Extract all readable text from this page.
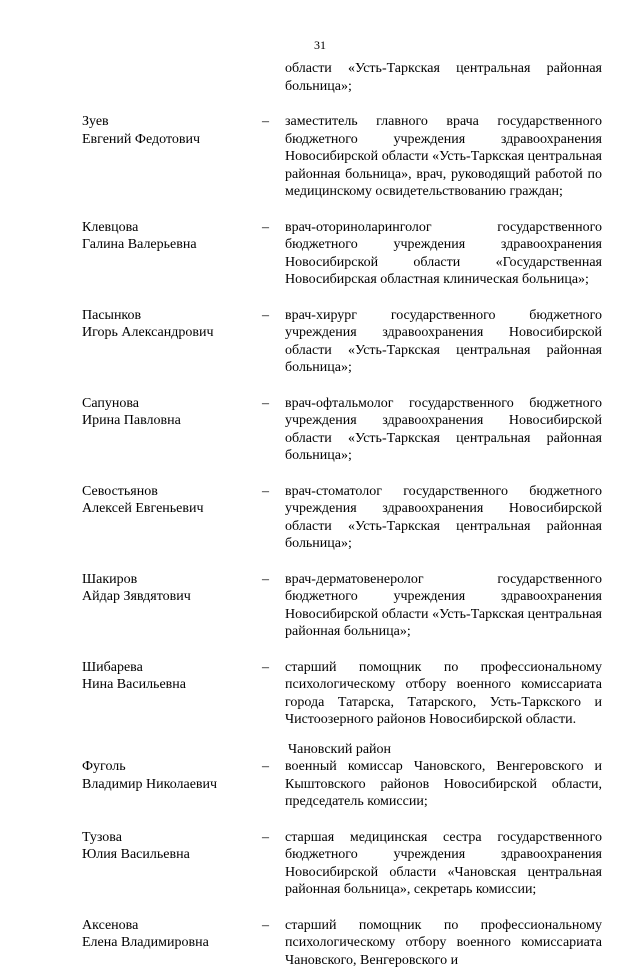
31
области «Усть-Таркская центральная районная больница»;
Зуев
Евгений Федотович
– заместитель главного врача государственного бюджетного учреждения здравоохранения Новосибирской области «Усть-Таркская центральная районная больница», врач, руководящий работой по медицинскому освидетельствованию граждан;
Клевцова
Галина Валерьевна
– врач-оториноларинголог государственного бюджетного учреждения здравоохранения Новосибирской области «Государственная Новосибирская областная клиническая больница»;
Пасынков
Игорь Александрович
– врач-хирург государственного бюджетного учреждения здравоохранения Новосибирской области «Усть-Таркская центральная районная больница»;
Сапунова
Ирина Павловна
– врач-офтальмолог государственного бюджетного учреждения здравоохранения Новосибирской области «Усть-Таркская центральная районная больница»;
Севостьянов
Алексей Евгеньевич
– врач-стоматолог государственного бюджетного учреждения здравоохранения Новосибирской области «Усть-Таркская центральная районная больница»;
Шакиров
Айдар Зявдятович
– врач-дерматовенеролог государственного бюджетного учреждения здравоохранения Новосибирской области «Усть-Таркская центральная районная больница»;
Шибарева
Нина Васильевна
– старший помощник по профессиональному психологическому отбору военного комиссариата города Татарска, Татарского, Усть-Таркского и Чистоозерного районов Новосибирской области.
Чановский район
Фуголь
Владимир Николаевич
– военный комиссар Чановского, Венгеровского и Кыштовского районов Новосибирской области, председатель комиссии;
Тузова
Юлия Васильевна
– старшая медицинская сестра государственного бюджетного учреждения здравоохранения Новосибирской области «Чановская центральная районная больница», секретарь комиссии;
Аксенова
Елена Владимировна
– старший помощник по профессиональному психологическому отбору военного комиссариата Чановского, Венгеровского и
